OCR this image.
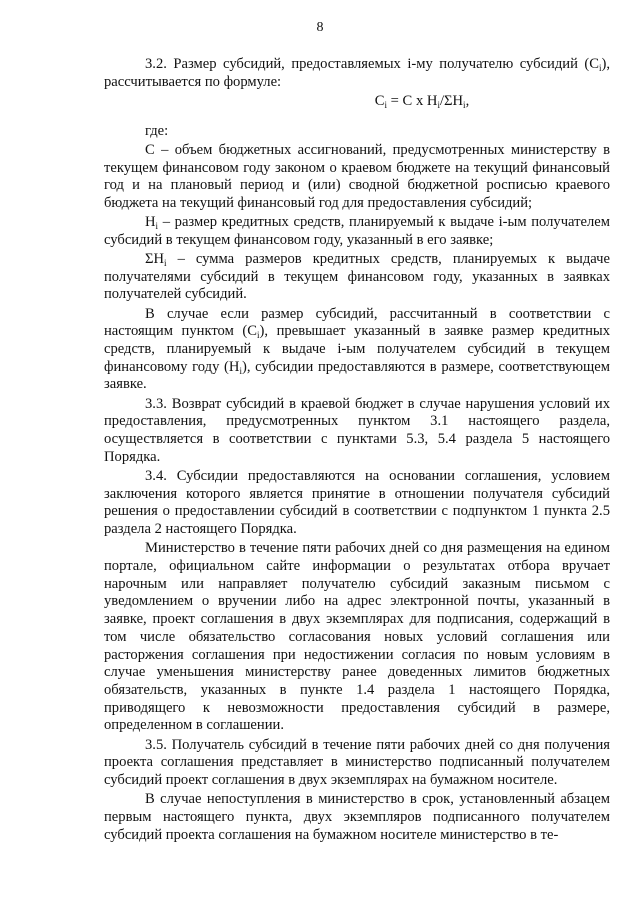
8

3.2. Размер субсидий, предоставляемых i-му получателю субсидий $(C_i)$, рассчитывается по формуле:

$C_i = C$ x $H_i/\Sigma H_i$,

где:

C – объем бюджетных ассигнований, предусмотренных министерству в текущем финансовом году законом о краевом бюджете на текущий финансовый год и на плановый период и (или) сводной бюджетной росписью краевого бюджета на текущий финансовый год для предоставления субсидий;

$H_i$ – размер кредитных средств, планируемый к выдаче i-ым получателем субсидий в текущем финансовом году, указанный в его заявке;

$\Sigma H_i$ – сумма размеров кредитных средств, планируемых к выдаче получателями субсидий в текущем финансовом году, указанных в заявках получателей субсидий.

В случае если размер субсидий, рассчитанный в соответствии с настоящим пунктом $(C_i)$, превышает указанный в заявке размер кредитных средств, планируемый к выдаче i-ым получателем субсидий в текущем финансовому году $(H_i)$, субсидии предоставляются в размере, соответствующем заявке.

3.3. Возврат субсидий в краевой бюджет в случае нарушения условий их предоставления, предусмотренных пунктом 3.1 настоящего раздела, осуществляется в соответствии с пунктами 5.3, 5.4 раздела 5 настоящего Порядка.

3.4. Субсидии предоставляются на основании соглашения, условием заключения которого является принятие в отношении получателя субсидий решения о предоставлении субсидий в соответствии с подпунктом 1 пункта 2.5 раздела 2 настоящего Порядка.

Министерство в течение пяти рабочих дней со дня размещения на едином портале, официальном сайте информации о результатах отбора вручает нарочным или направляет получателю субсидий заказным письмом с уведомлением о вручении либо на адрес электронной почты, указанный в заявке, проект соглашения в двух экземплярах для подписания, содержащий в том числе обязательство согласования новых условий соглашения или расторжения соглашения при недостижении согласия по новым условиям в случае уменьшения министерству ранее доведенных лимитов бюджетных обязательств, указанных в пункте 1.4 раздела 1 настоящего Порядка, приводящего к невозможности предоставления субсидий в размере, определенном в соглашении.

3.5. Получатель субсидий в течение пяти рабочих дней со дня получения проекта соглашения представляет в министерство подписанный получателем субсидий проект соглашения в двух экземплярах на бумажном носителе.

В случае непоступления в министерство в срок, установленный абзацем первым настоящего пункта, двух экземпляров подписанного получателем субсидий проекта соглашения на бумажном носителе министерство в те-
